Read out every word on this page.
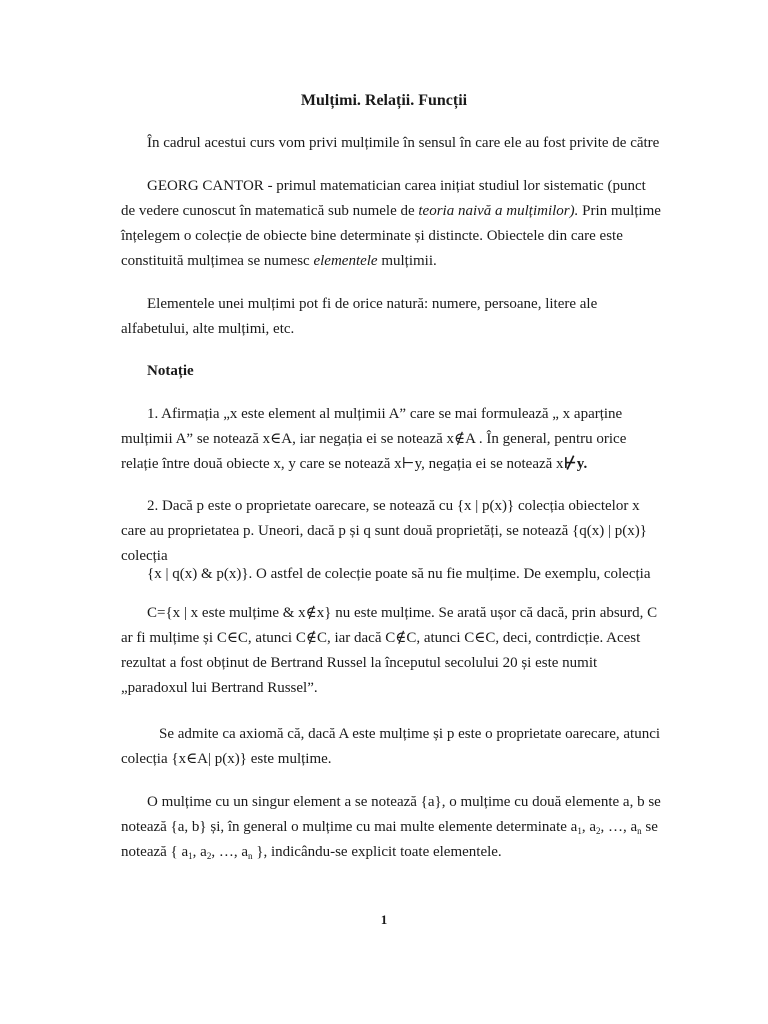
Mulțimi. Relații. Funcții

În cadrul acestui curs vom privi mulțimile în sensul în care ele au fost privite de către

GEORG CANTOR - primul matematician carea inițiat studiul lor sistematic (punct de vedere cunoscut în matematică sub numele de teoria naivă a mulțimilor). Prin mulțime înțelegem o colecție de obiecte bine determinate și distincte. Obiectele din care este constituită mulțimea se numesc elementele mulțimii.

Elementele unei mulțimi pot fi de orice natură: numere, persoane, litere ale alfabetului, alte mulțimi, etc.

Notație

1. Afirmația „x este element al mulțimii A” care se mai formulează „ x aparține mulțimii A” se notează x∈A, iar negația ei se notează x∉A . În general, pentru orice relație între două obiecte x, y care se notează x⊢y, negația ei se notează x⊬y.

2. Dacă p este o proprietate oarecare, se notează cu {x | p(x)} colecția obiectelor x care au proprietatea p. Uneori, dacă p și q sunt două proprietăți, se notează {q(x) | p(x)} colecția

{x | q(x) & p(x)}. O astfel de colecție poate să nu fie mulțime. De exemplu, colecția

C={x | x este mulțime & x∉x} nu este mulțime. Se arată ușor că dacă, prin absurd, C ar fi mulțime și C∈C, atunci C∉C, iar dacă C∉C, atunci C∈C, deci, contrdicție. Acest rezultat a fost obținut de Bertrand Russel la începutul secolului 20 și este numit „paradoxul lui Bertrand Russel”.

Se admite ca axiomă că, dacă A este mulțime și p este o proprietate oarecare, atunci colecția {x∈A| p(x)} este mulțime.

O mulțime cu un singur element a se notează {a}, o mulțime cu două elemente a, b se notează {a, b} și, în general o mulțime cu mai multe elemente determinate $a_1$, $a_2$, …, $a_n$ se notează { $a_1$, $a_2$, …, $a_n$ }, indicându-se explicit toate elementele.

1
